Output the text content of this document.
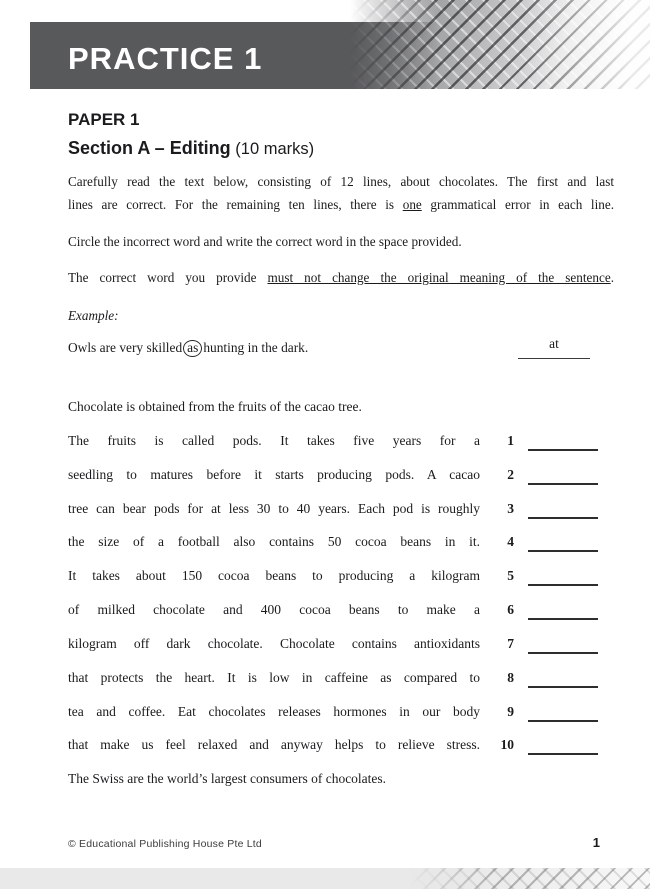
PRACTICE 1
PAPER 1
Section A – Editing (10 marks)
Carefully read the text below, consisting of 12 lines, about chocolates. The first and last
lines are correct. For the remaining ten lines, there is one grammatical error in each line.
Circle the incorrect word and write the correct word in the space provided.
The correct word you provide must not change the original meaning of the sentence.
Example:
Owls are very skilled as hunting in the dark.	at
Chocolate is obtained from the fruits of the cacao tree.
The fruits is called pods. It takes five years for a	1
seedling to matures before it starts producing pods. A cacao	2
tree can bear pods for at less 30 to 40 years. Each pod is roughly	3
the size of a football also contains 50 cocoa beans in it.	4
It takes about 150 cocoa beans to producing a kilogram	5
of milked chocolate and 400 cocoa beans to make a	6
kilogram off dark chocolate. Chocolate contains antioxidants	7
that protects the heart. It is low in caffeine as compared to	8
tea and coffee. Eat chocolates releases hormones in our body	9
that make us feel relaxed and anyway helps to relieve stress.	10
The Swiss are the world’s largest consumers of chocolates.
© Educational Publishing House Pte Ltd	1
